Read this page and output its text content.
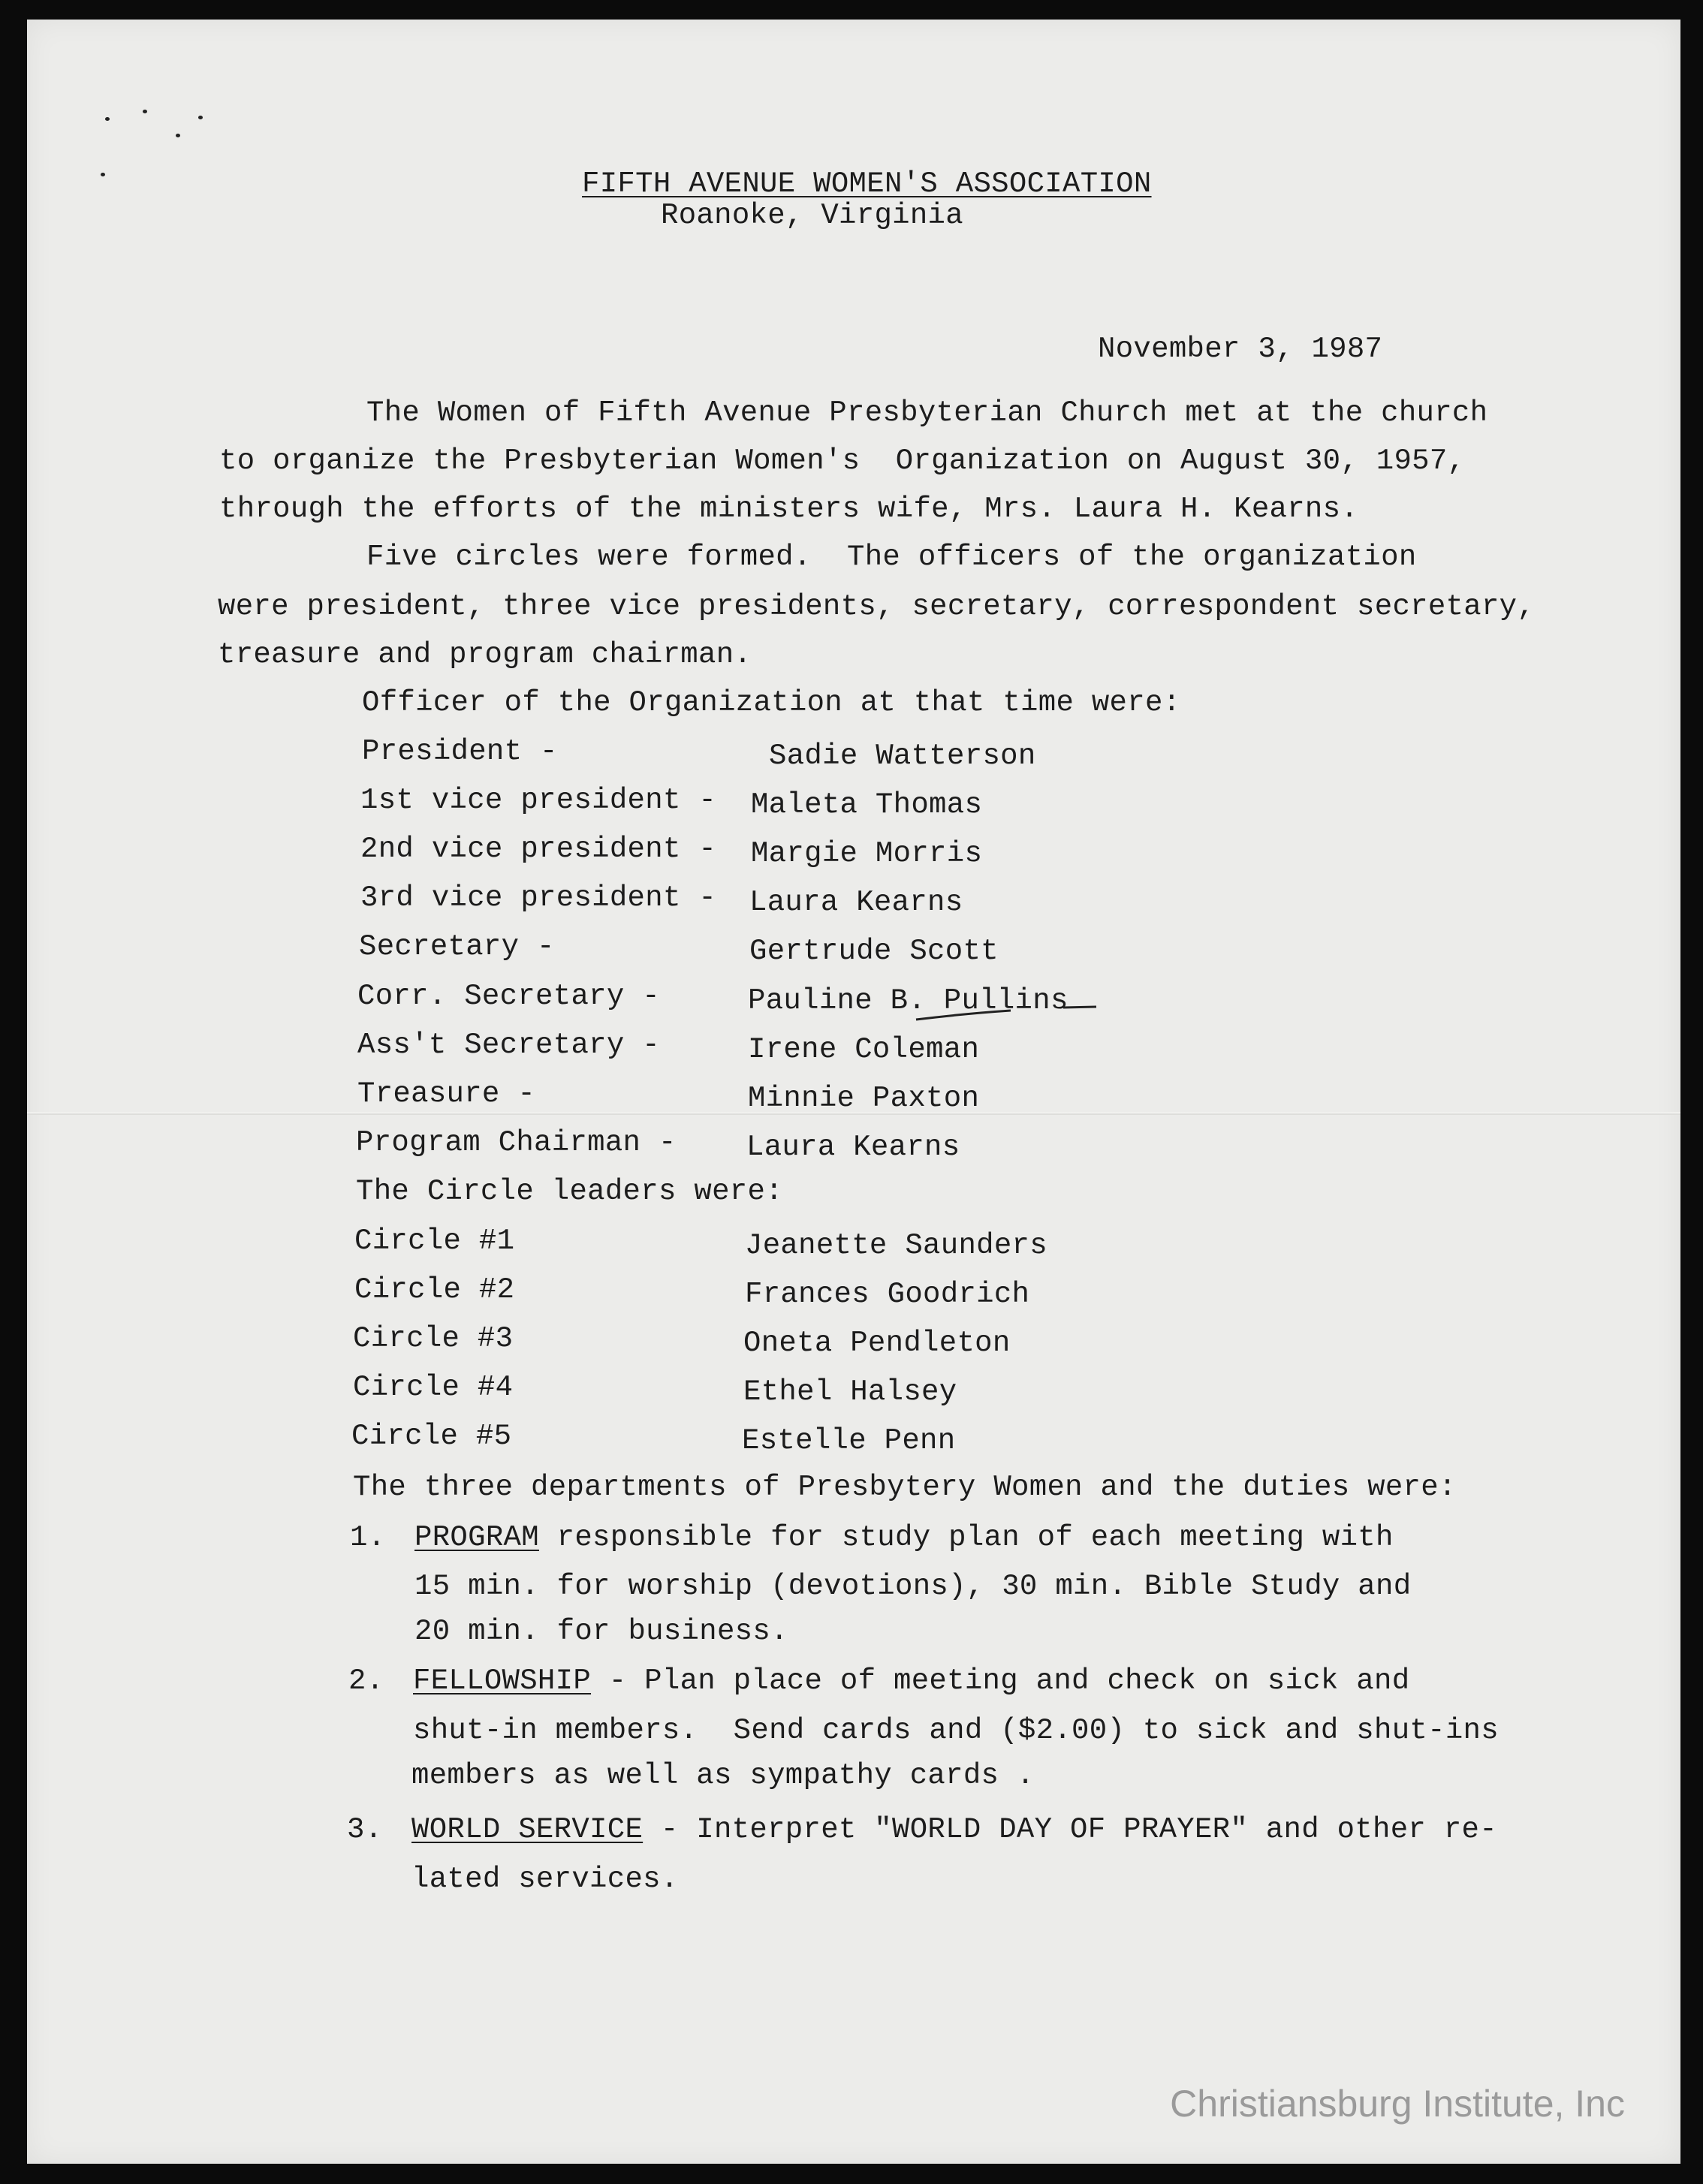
FIFTH AVENUE WOMEN'S ASSOCIATION
Roanoke, Virginia
November 3, 1987
The Women of Fifth Avenue Presbyterian Church met at the church
to organize the Presbyterian Women's  Organization on August 30, 1957,
through the efforts of the ministers wife, Mrs. Laura H. Kearns.
Five circles were formed.  The officers of the organization
were president, three vice presidents, secretary, correspondent secretary,
treasure and program chairman.
Officer of the Organization at that time were:
President -	Sadie Watterson
1st vice president - Maleta Thomas
2nd vice president - Margie Morris
3rd vice president - Laura Kearns
Secretary -	Gertrude Scott
Corr. Secretary -	Pauline B. Pullins
Ass't Secretary -	Irene Coleman
Treasure -	Minnie Paxton
Program Chairman - Laura Kearns
The Circle leaders were:
Circle #1	Jeanette Saunders
Circle #2	Frances Goodrich
Circle #3	Oneta Pendleton
Circle #4	Ethel Halsey
Circle #5	Estelle Penn
The three departments of Presbytery Women and the duties were:
1. PROGRAM responsible for study plan of each meeting with
15 min. for worship (devotions), 30 min. Bible Study and
20 min. for business.
2. FELLOWSHIP - Plan place of meeting and check on sick and
shut-in members.  Send cards and ($2.00) to sick and shut-ins
members as well as sympathy cards .
3. WORLD SERVICE - Interpret "WORLD DAY OF PRAYER" and other re-
lated services.
Christiansburg Institute, Inc
